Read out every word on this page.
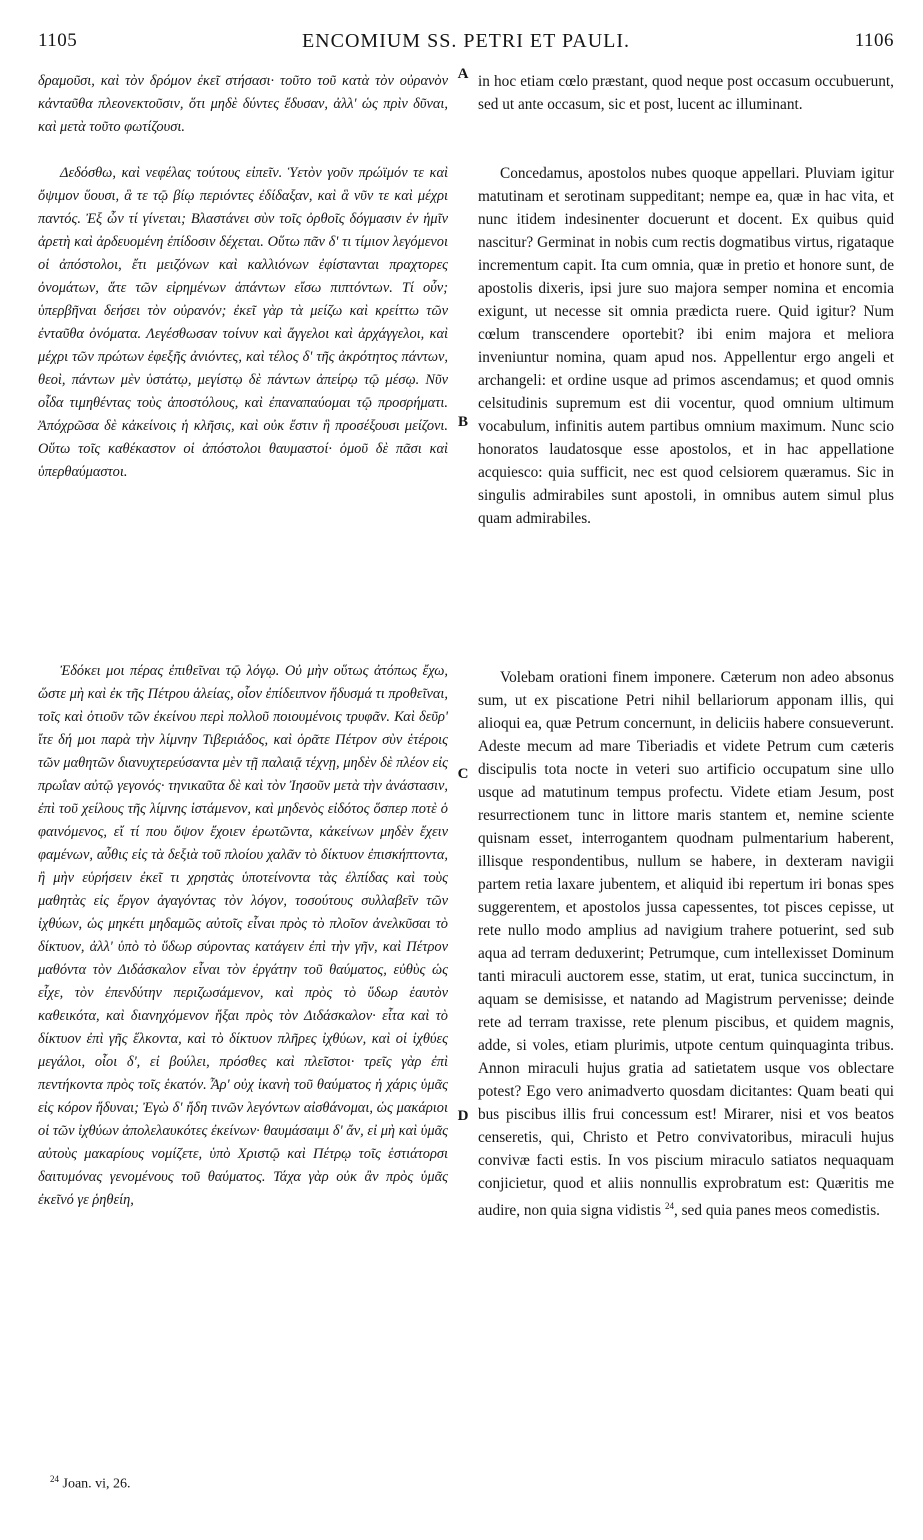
1105	ENCOMIUM SS. PETRI ET PAULI.	1106

δραμοῦσι, καὶ τὸν δρόμον ἐκεῖ στήσασι· τοῦτο τοῦ κατὰ τὸν οὐρανὸν κἀνταῦθα πλεονεκτοῦσιν, ὅτι μηδὲ δύντες ἔδυσαν, ἀλλ' ὡς πρὶν δῦναι, καὶ μετὰ τοῦτο φωτίζουσι.

Δεδόσθω, καὶ νεφέλας τούτους εἰπεῖν. Ὑετὸν γοῦν πρώϊμόν τε καὶ ὄψιμον ὕουσι, ἃ τε τῷ βίῳ περιόντες ἐδίδαξαν, καὶ ἃ νῦν τε καὶ μέχρι παντός. Ἐξ ὧν τί γίνεται; Βλαστάνει σὺν τοῖς ὀρθοῖς δόγμασιν ἐν ἡμῖν ἀρετὴ καὶ ἀρδευομένη ἐπίδοσιν δέχεται. Οὕτω πᾶν δ' τι τίμιον λεγόμενοι οἱ ἀπόστολοι, ἔτι μειζόνων καὶ καλλιόνων ἐφίστανται πραχτορες ὀνομάτων, ἅτε τῶν εἰρημένων ἁπάντων εἴσω πιπτόντων. Τί οὖν; ὑπερβῆναι δεήσει τὸν οὐρανόν; ἐκεῖ γὰρ τὰ μείζω καὶ κρείττω τῶν ἐνταῦθα ὀνόματα. Λεγέσθωσαν τοίνυν καὶ ἄγγελοι καὶ ἀρχάγγελοι, καὶ μέχρι τῶν πρώτων ἐφεξῆς ἀνιόντες, καὶ τέλος δ' τῆς ἀκρότητος πάντων, θεοὶ, πάντων μὲν ὑστάτῳ, μεγίστῳ δὲ πάντων ἀπείρῳ τῷ μέσῳ. Νῦν οἶδα τιμηθέντας τοὺς ἀποστόλους, καὶ ἐπαναπαύομαι τῷ προσρήματι. Ἀπόχρῶσα δὲ κἀκείνοις ἡ κλῆσις, καὶ οὐκ ἔστιν ἣ προσέξουσι μείζονι. Οὕτω τοῖς καθέκαστον οἱ ἀπόστολοι θαυμαστοί· ὁμοῦ δὲ πᾶσι καὶ ὑπερθαύμαστοι.

Ἐδόκει μοι πέρας ἐπιθεῖναι τῷ λόγῳ. Οὐ μὴν οὕτως ἀτόπως ἔχω, ὥστε μὴ καὶ ἐκ τῆς Πέτρου ἁλείας, οἷον ἐπίδειπνον ἥδυσμά τι προθεῖναι, τοῖς καὶ ὁτιοῦν τῶν ἐκείνου περὶ πολλοῦ ποιουμένοις τρυφᾶν. Καὶ δεῦρ' ἴτε δή μοι παρὰ τὴν λίμνην Τιβεριάδος, καὶ ὁρᾶτε Πέτρον σὺν ἑτέροις τῶν μαθητῶν διανυχτερεύσαντα μὲν τῇ παλαιᾷ τέχνῃ, μηδὲν δὲ πλέον εἰς πρωΐαν αὐτῷ γεγονός· τηνικαῦτα δὲ καὶ τὸν Ἰησοῦν μετὰ τὴν ἀνάστασιν, ἐπὶ τοῦ χείλους τῆς λίμνης ἱστάμενον, καὶ μηδενὸς εἰδότος ὅσπερ ποτὲ ὁ φαινόμενος, εἴ τί που ὄψον ἔχοιεν ἐρωτῶντα, κἀκείνων μηδὲν ἔχειν φαμένων, αὖθις εἰς τὰ δεξιὰ τοῦ πλοίου χαλᾶν τὸ δίκτυον ἐπισκήπτοντα, ἢ μὴν εὑρήσειν ἐκεῖ τι χρηστὰς ὑποτείνοντα τὰς ἐλπίδας καὶ τοὺς μαθητὰς εἰς ἔργον ἀγαγόντας τὸν λόγον, τοσούτους συλλαβεῖν τῶν ἰχθύων, ὡς μηκέτι μηδαμῶς αὐτοῖς εἶναι πρὸς τὸ πλοῖον ἀνελκῦσαι τὸ δίκτυον, ἀλλ' ὑπὸ τὸ ὕδωρ σύροντας κατάγειν ἐπὶ τὴν γῆν, καὶ Πέτρον μαθόντα τὸν Διδάσκαλον εἶναι τὸν ἐργάτην τοῦ θαύματος, εὐθὺς ὡς εἶχε, τὸν ἐπενδύτην περιζωσάμενον, καὶ πρὸς τὸ ὕδωρ ἑαυτὸν καθεικότα, καὶ διανηχόμενον ἥξαι πρὸς τὸν Διδάσκαλον· εἶτα καὶ τὸ δίκτυον ἐπὶ γῆς ἕλκοντα, καὶ τὸ δίκτυον πλῆρες ἰχθύων, καὶ οἱ ἰχθύες μεγάλοι, οἷοι δ', εἰ βούλει, πρόσθες καὶ πλεῖστοι· τρεῖς γὰρ ἐπὶ πεντήκοντα πρὸς τοῖς ἑκατόν. Ἆρ' οὐχ ἱκανὴ τοῦ θαύματος ἡ χάρις ὑμᾶς εἰς κόρον ἥδυναι; Ἐγὼ δ' ἤδη τινῶν λεγόντων αἰσθάνομαι, ὡς μακάριοι οἱ τῶν ἰχθύων ἀπολελαυκότες ἐκείνων· θαυμάσαιμι δ' ἄν, εἰ μὴ καὶ ὑμᾶς αὐτοὺς μακαρίους νομίζετε, ὑπὸ Χριστῷ καὶ Πέτρῳ τοῖς ἑστιάτορσι δαιτυμόνας γενομένους τοῦ θαύματος. Τάχα γὰρ οὐκ ἂν πρὸς ὑμᾶς ἐκεῖνό γε ῥηθείη,

A
B
C
D

in hoc etiam cœlo præstant, quod neque post occasum occubuerunt, sed ut ante occasum, sic et post, lucent ac illuminant.

Concedamus, apostolos nubes quoque appellari. Pluviam igitur matutinam et serotinam suppeditant; nempe ea, quæ in hac vita, et nunc itidem indesinenter docuerunt et docent. Ex quibus quid nascitur? Germinat in nobis cum rectis dogmatibus virtus, rigataque incrementum capit. Ita cum omnia, quæ in pretio et honore sunt, de apostolis dixeris, ipsi jure suo majora semper nomina et encomia exigunt, ut necesse sit omnia prædicta ruere. Quid igitur? Num cœlum transcendere oportebit? ibi enim majora et meliora inveniuntur nomina, quam apud nos. Appellentur ergo angeli et archangeli: et ordine usque ad primos ascendamus; et quod omnis celsitudinis supremum est dii vocentur, quod omnium ultimum vocabulum, infinitis autem partibus omnium maximum. Nunc scio honoratos laudatosque esse apostolos, et in hac appellatione acquiesco: quia sufficit, nec est quod celsiorem quæramus. Sic in singulis admirabiles sunt apostoli, in omnibus autem simul plus quam admirabiles.

Volebam orationi finem imponere. Cæterum non adeo absonus sum, ut ex piscatione Petri nihil bellariorum apponam illis, qui alioqui ea, quæ Petrum concernunt, in deliciis habere consueverunt. Adeste mecum ad mare Tiberiadis et videte Petrum cum cæteris discipulis tota nocte in veteri suo artificio occupatum sine ullo usque ad matutinum tempus profectu. Videte etiam Jesum, post resurrectionem tunc in littore maris stantem et, nemine sciente quisnam esset, interrogantem quodnam pulmentarium haberent, illisque respondentibus, nullum se habere, in dexteram navigii partem retia laxare jubentem, et aliquid ibi repertum iri bonas spes suggerentem, et apostolos jussa capessentes, tot pisces cepisse, ut rete nullo modo amplius ad navigium trahere potuerint, sed sub aqua ad terram deduxerint; Petrumque, cum intellexisset Dominum tanti miraculi auctorem esse, statim, ut erat, tunica succinctum, in aquam se demisisse, et natando ad Magistrum pervenisse; deinde rete ad terram traxisse, rete plenum piscibus, et quidem magnis, adde, si voles, etiam plurimis, utpote centum quinquaginta tribus. Annon miraculi hujus gratia ad satietatem usque vos oblectare potest? Ego vero animadverto quosdam dicitantes: Quam beati qui bus piscibus illis frui concessum est! Mirarer, nisi et vos beatos censeretis, qui, Christo et Petro convivatoribus, miraculi hujus convivæ facti estis. In vos piscium miraculo satiatos nequaquam conjicietur, quod et aliis nonnullis exprobratum est: Quæritis me audire, non quia signa vidistis $^{24}$, sed quia panes meos comedistis.

$^{24}$ Joan. vi, 26.
